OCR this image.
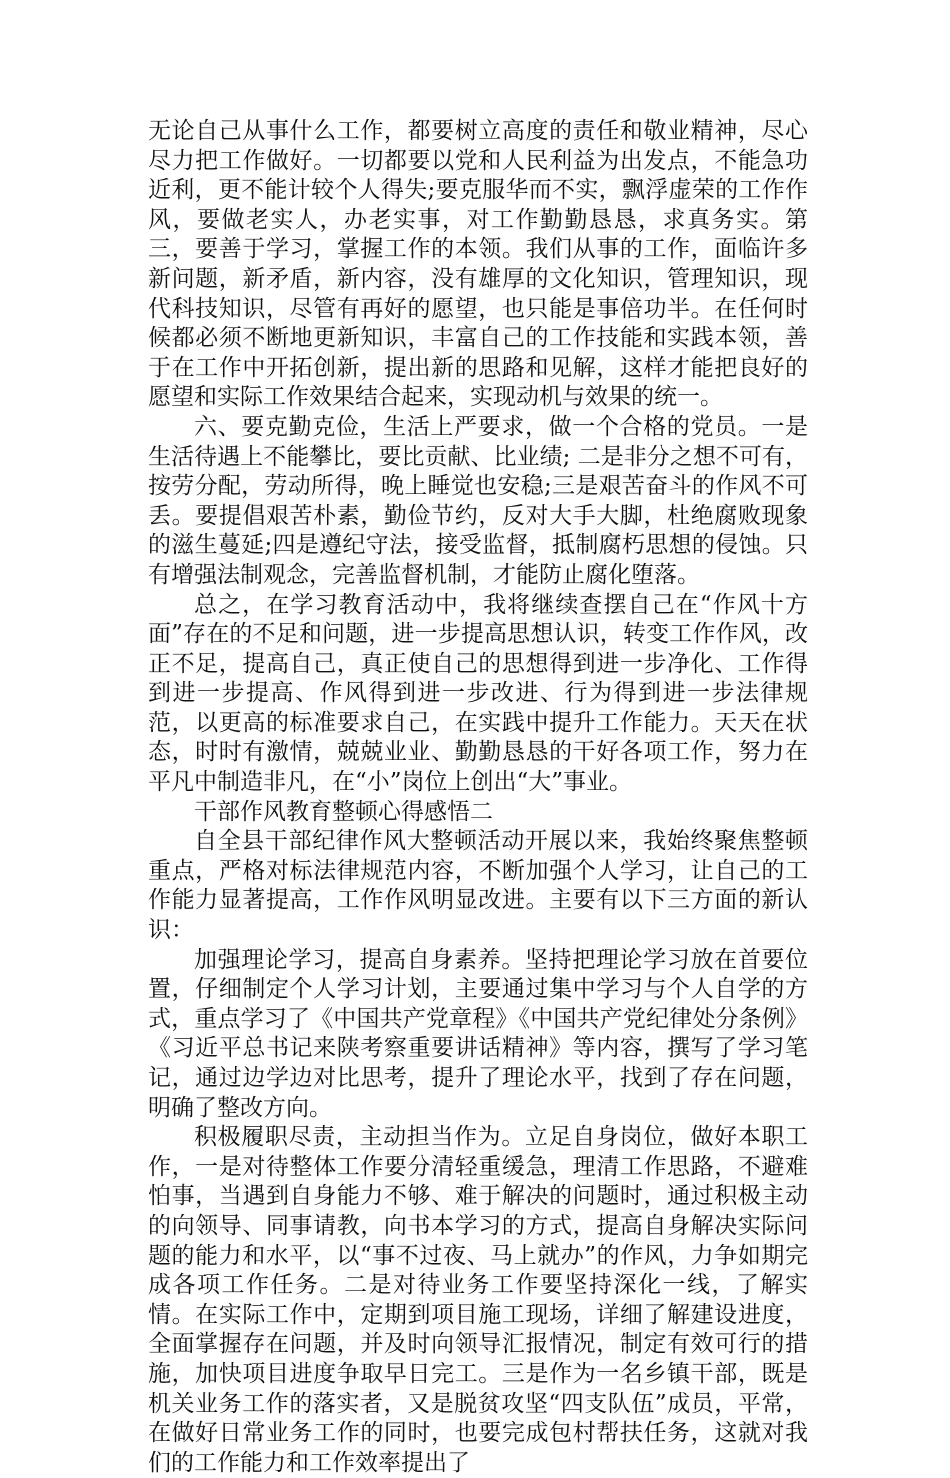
无论自己从事什么工作，都要树立高度的责任和敬业精神，尽心尽力把工作做好。一切都要以党和人民利益为出发点，不能急功近利，更不能计较个人得失;要克服华而不实，飘浮虚荣的工作作风，要做老实人，办老实事，对工作勤勤恳恳，求真务实。第三，要善于学习，掌握工作的本领。我们从事的工作，面临许多新问题，新矛盾，新内容，没有雄厚的文化知识，管理知识，现代科技知识，尽管有再好的愿望，也只能是事倍功半。在任何时候都必须不断地更新知识，丰富自己的工作技能和实践本领，善于在工作中开拓创新，提出新的思路和见解，这样才能把良好的愿望和实际工作效果结合起来，实现动机与效果的统一。

六、要克勤克俭，生活上严要求，做一个合格的党员。一是生活待遇上不能攀比，要比贡献、比业绩; 二是非分之想不可有，按劳分配，劳动所得，晚上睡觉也安稳;三是艰苦奋斗的作风不可丢。要提倡艰苦朴素，勤俭节约，反对大手大脚，杜绝腐败现象的滋生蔓延;四是遵纪守法，接受监督，抵制腐朽思想的侵蚀。只有增强法制观念，完善监督机制，才能防止腐化堕落。

总之，在学习教育活动中，我将继续查摆自己在“作风十方面”存在的不足和问题，进一步提高思想认识，转变工作作风，改正不足，提高自己，真正使自己的思想得到进一步净化、工作得到进一步提高、作风得到进一步改进、行为得到进一步法律规范，以更高的标准要求自己，在实践中提升工作能力。天天在状态，时时有激情，兢兢业业、勤勤恳恳的干好各项工作，努力在平凡中制造非凡，在“小”岗位上创出“大”事业。

干部作风教育整顿心得感悟二

自全县干部纪律作风大整顿活动开展以来，我始终聚焦整顿重点，严格对标法律规范内容，不断加强个人学习，让自己的工作能力显著提高，工作作风明显改进。主要有以下三方面的新认识：

加强理论学习，提高自身素养。坚持把理论学习放在首要位置，仔细制定个人学习计划，主要通过集中学习与个人自学的方式，重点学习了《中国共产党章程》《中国共产党纪律处分条例》《习近平总书记来陕考察重要讲话精神》等内容，撰写了学习笔记，通过边学边对比思考，提升了理论水平，找到了存在问题，明确了整改方向。

积极履职尽责，主动担当作为。立足自身岗位，做好本职工作，一是对待整体工作要分清轻重缓急，理清工作思路，不避难怕事，当遇到自身能力不够、难于解决的问题时，通过积极主动的向领导、同事请教，向书本学习的方式，提高自身解决实际问题的能力和水平，以“事不过夜、马上就办”的作风，力争如期完成各项工作任务。二是对待业务工作要坚持深化一线，了解实情。在实际工作中，定期到项目施工现场，详细了解建设进度，全面掌握存在问题，并及时向领导汇报情况，制定有效可行的措施，加快项目进度争取早日完工。三是作为一名乡镇干部，既是机关业务工作的落实者，又是脱贫攻坚“四支队伍”成员，平常，在做好日常业务工作的同时，也要完成包村帮扶任务，这就对我们的工作能力和工作效率提出了
